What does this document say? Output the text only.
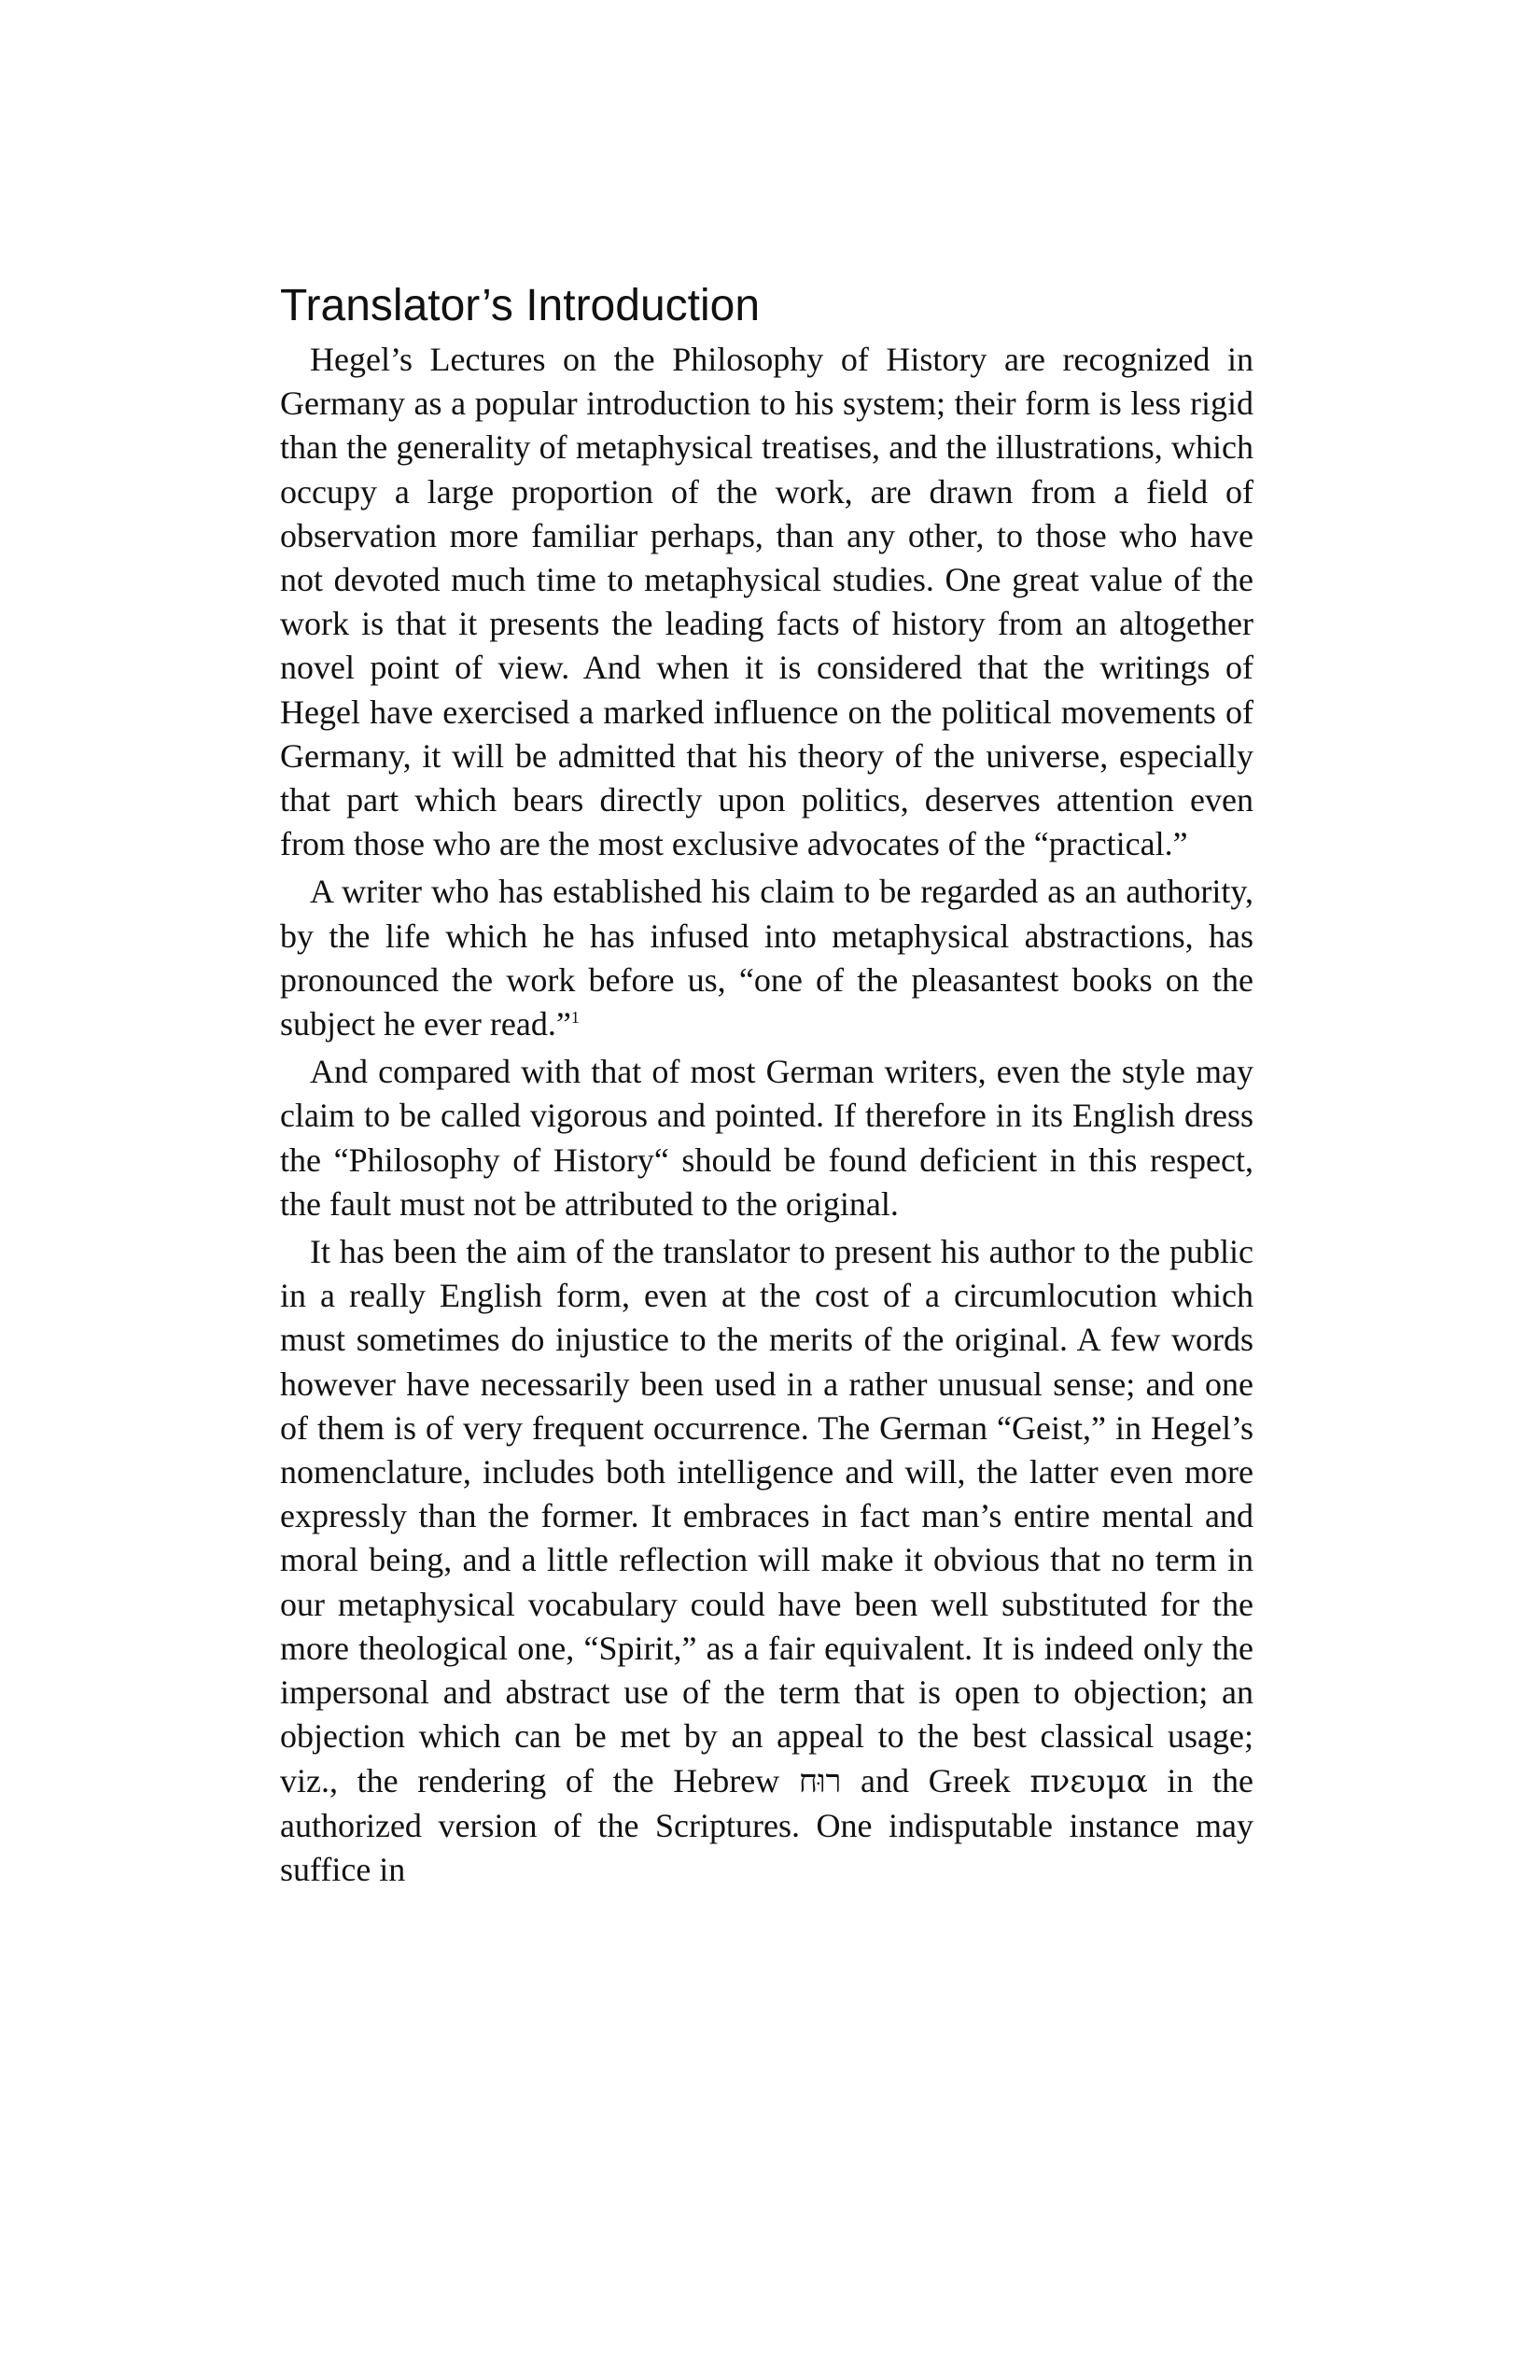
Translator’s Introduction

Hegel’s Lectures on the Philosophy of History are recognized in Germany as a popular introduction to his system; their form is less rigid than the generality of metaphysical treatises, and the illustrations, which occupy a large proportion of the work, are drawn from a field of observation more familiar perhaps, than any other, to those who have not devoted much time to metaphysical studies. One great value of the work is that it presents the leading facts of history from an altogether novel point of view. And when it is considered that the writings of Hegel have exercised a marked influence on the political movements of Germany, it will be admitted that his theory of the universe, especially that part which bears directly upon politics, deserves attention even from those who are the most exclusive advocates of the “practical.”

A writer who has established his claim to be regarded as an authority, by the life which he has infused into metaphysical abstractions, has pronounced the work before us, “one of the pleasantest books on the subject he ever read.”$^1$

And compared with that of most German writers, even the style may claim to be called vigorous and pointed. If therefore in its English dress the “Philosophy of History“ should be found deficient in this respect, the fault must not be attributed to the original.

It has been the aim of the translator to present his author to the public in a really English form, even at the cost of a circumlocution which must sometimes do injustice to the merits of the original. A few words however have necessarily been used in a rather unusual sense; and one of them is of very frequent occurrence. The German “Geist,” in Hegel’s nomenclature, includes both intelligence and will, the latter even more expressly than the former. It embraces in fact man’s entire mental and moral being, and a little reflection will make it obvious that no term in our metaphysical vocabulary could have been well substituted for the more theological one, “Spirit,” as a fair equivalent. It is indeed only the impersonal and abstract use of the term that is open to objection; an objection which can be met by an appeal to the best classical usage; viz., the rendering of the Hebrew רוּח and Greek πνευμα in the authorized version of the Scriptures. One indisputable instance may suffice in
